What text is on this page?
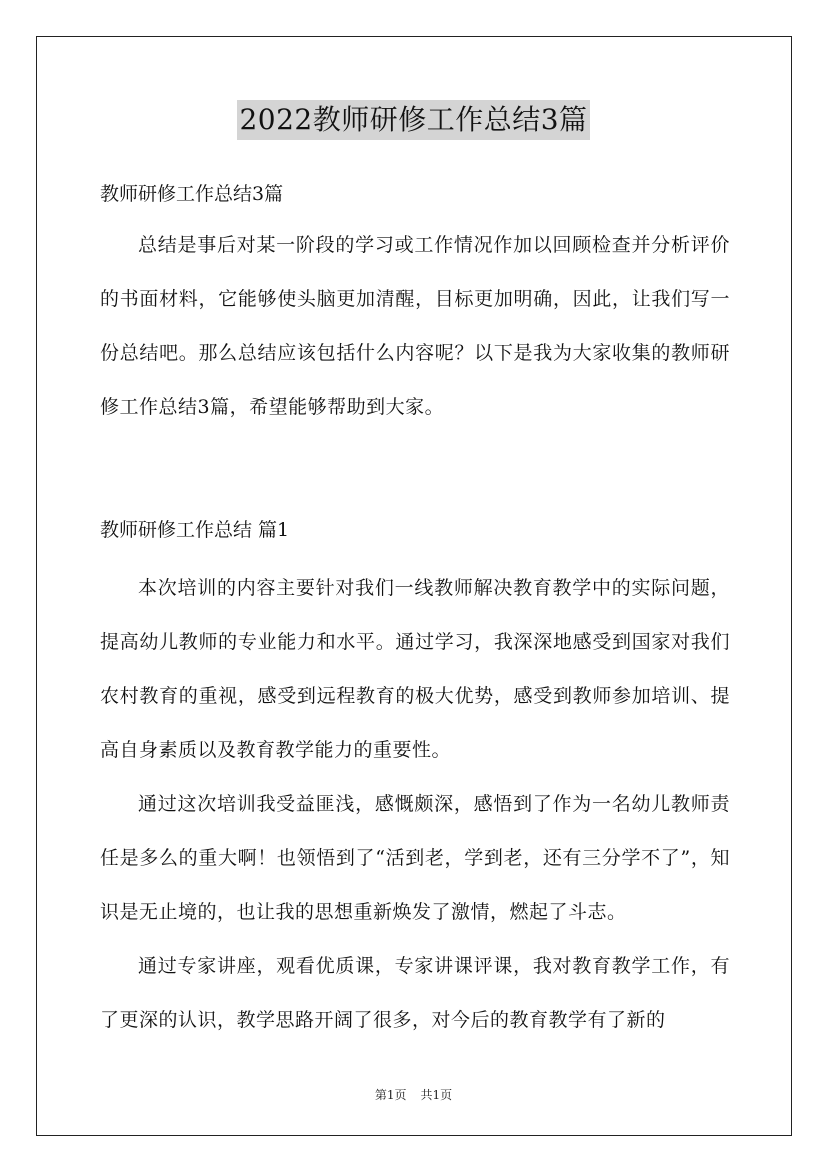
2022教师研修工作总结3篇

教师研修工作总结3篇

总结是事后对某一阶段的学习或工作情况作加以回顾检查并分析评价的书面材料，它能够使头脑更加清醒，目标更加明确，因此，让我们写一份总结吧。那么总结应该包括什么内容呢？以下是我为大家收集的教师研修工作总结3篇，希望能够帮助到大家。

教师研修工作总结 篇1

本次培训的内容主要针对我们一线教师解决教育教学中的实际问题，提高幼儿教师的专业能力和水平。通过学习，我深深地感受到国家对我们农村教育的重视，感受到远程教育的极大优势，感受到教师参加培训、提高自身素质以及教育教学能力的重要性。

通过这次培训我受益匪浅，感慨颇深，感悟到了作为一名幼儿教师责任是多么的重大啊！也领悟到了“活到老，学到老，还有三分学不了”，知识是无止境的，也让我的思想重新焕发了激情，燃起了斗志。

通过专家讲座，观看优质课，专家讲课评课，我对教育教学工作，有了更深的认识，教学思路开阔了很多，对今后的教育教学有了新的

第1页 共1页
